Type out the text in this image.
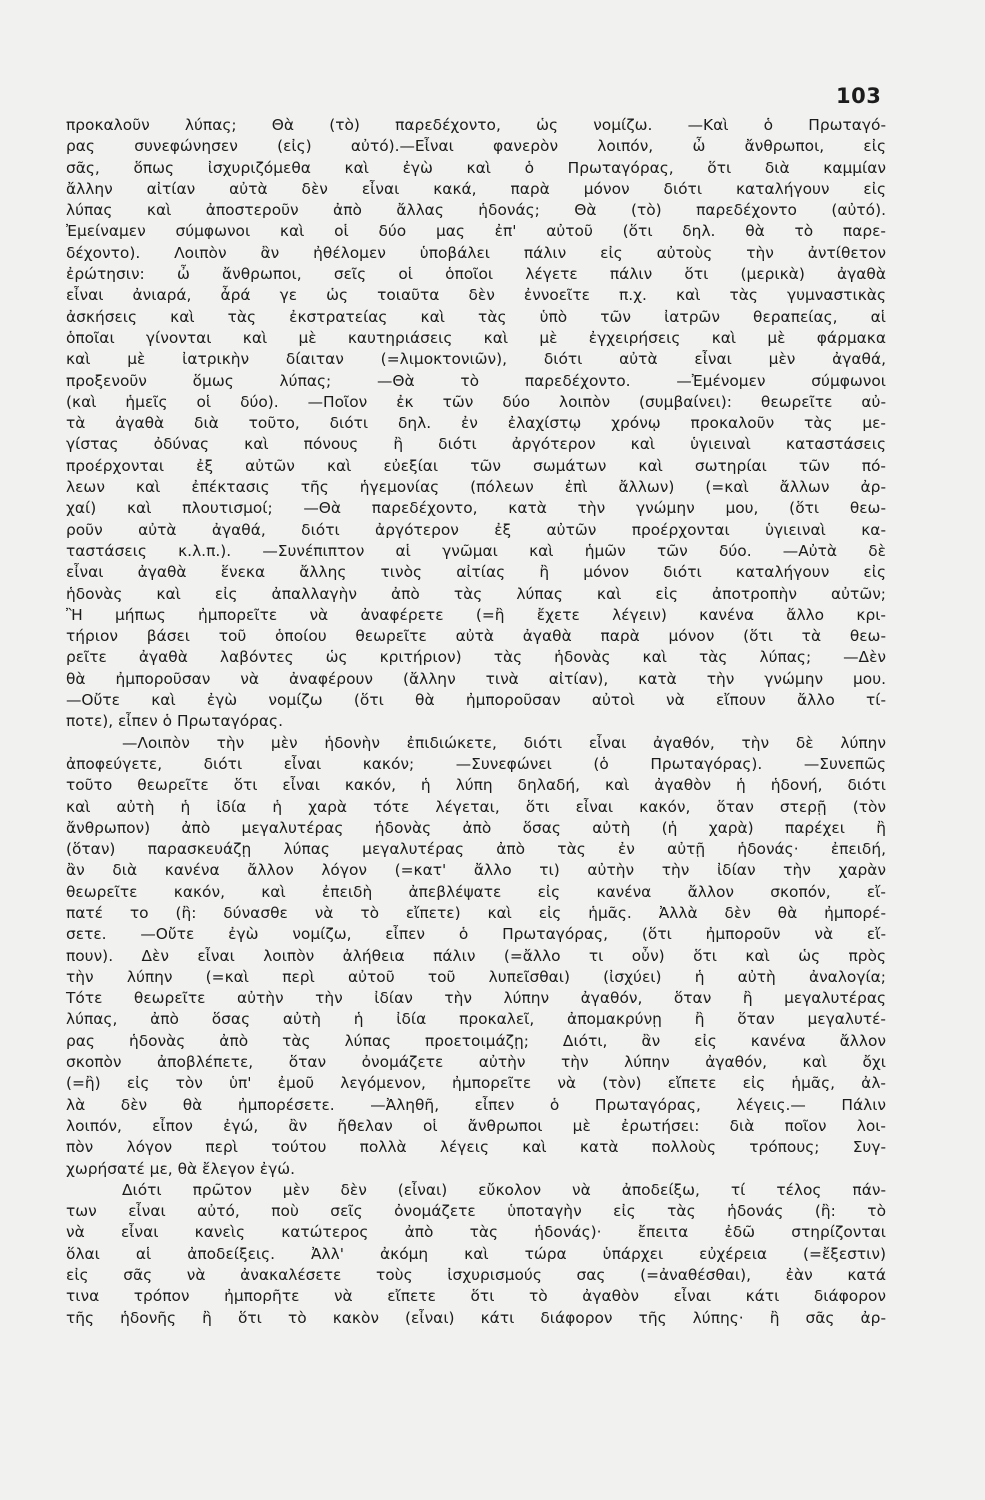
103
προκαλοῦν λύπας; Θὰ (τὸ) παρεδέχοντο, ὡς νομίζω. —Καὶ ὁ Πρωταγό-
ρας συνεφώνησεν (εἰς) αὐτό).—Εἶναι φανερὸν λοιπόν, ὦ ἄνθρωποι, εἰς
σᾶς, ὅπως ἰσχυριζόμεθα καὶ ἐγὼ καὶ ὁ Πρωταγόρας, ὅτι διὰ καμμίαν
ἄλλην αἰτίαν αὐτὰ δὲν εἶναι κακά, παρὰ μόνον διότι καταλήγουν εἰς
λύπας καὶ ἀποστεροῦν ἀπὸ ἄλλας ἡδονάς; Θὰ (τὸ) παρεδέχοντο (αὐτό).
Ἐμείναμεν σύμφωνοι καὶ οἱ δύο μας ἐπ' αὐτοῦ (ὅτι δηλ. θὰ τὸ παρε-
δέχοντο). Λοιπὸν ἂν ἠθέλομεν ὑποβάλει πάλιν εἰς αὐτοὺς τὴν ἀντίθετον
ἐρώτησιν: ὦ ἄνθρωποι, σεῖς οἱ ὁποῖοι λέγετε πάλιν ὅτι (μερικὰ) ἀγαθὰ
εἶναι ἀνιαρά, ἆρά γε ὡς τοιαῦτα δὲν ἐννοεῖτε π.χ. καὶ τὰς γυμναστικὰς
ἀσκήσεις καὶ τὰς ἐκστρατείας καὶ τὰς ὑπὸ τῶν ἰατρῶν θεραπείας, αἱ
ὁποῖαι γίνονται καὶ μὲ καυτηριάσεις καὶ μὲ ἐγχειρήσεις καὶ μὲ φάρμακα
καὶ μὲ ἰατρικὴν δίαιταν (=λιμοκτονιῶν), διότι αὐτὰ εἶναι μὲν ἀγαθά,
προξενοῦν ὅμως λύπας; —Θὰ τὸ παρεδέχοντο. —Ἐμένομεν σύμφωνοι
(καὶ ἡμεῖς οἱ δύο). —Ποῖον ἐκ τῶν δύο λοιπὸν (συμβαίνει): θεωρεῖτε αὐ-
τὰ ἀγαθὰ διὰ τοῦτο, διότι δηλ. ἐν ἐλαχίστῳ χρόνῳ προκαλοῦν τὰς με-
γίστας ὀδύνας καὶ πόνους ἢ διότι ἀργότερον καὶ ὑγιειναὶ καταστάσεις
προέρχονται ἐξ αὐτῶν καὶ εὐεξίαι τῶν σωμάτων καὶ σωτηρίαι τῶν πό-
λεων καὶ ἐπέκτασις τῆς ἡγεμονίας (πόλεων ἐπὶ ἄλλων) (=καὶ ἄλλων ἀρ-
χαί) καὶ πλουτισμοί; —Θὰ παρεδέχοντο, κατὰ τὴν γνώμην μου, (ὅτι θεω-
ροῦν αὐτὰ ἀγαθά, διότι ἀργότερον ἐξ αὐτῶν προέρχονται ὑγιειναὶ κα-
ταστάσεις κ.λ.π.). —Συνέπιπτον αἱ γνῶμαι καὶ ἡμῶν τῶν δύο. —Αὐτὰ δὲ
εἶναι ἀγαθὰ ἕνεκα ἄλλης τινὸς αἰτίας ἢ μόνον διότι καταλήγουν εἰς
ἡδονὰς καὶ εἰς ἀπαλλαγὴν ἀπὸ τὰς λύπας καὶ εἰς ἀποτροπὴν αὐτῶν;
Ἢ μήπως ἠμπορεῖτε νὰ ἀναφέρετε (=ἢ ἔχετε λέγειν) κανένα ἄλλο κρι-
τήριον βάσει τοῦ ὁποίου θεωρεῖτε αὐτὰ ἀγαθὰ παρὰ μόνον (ὅτι τὰ θεω-
ρεῖτε ἀγαθὰ λαβόντες ὡς κριτήριον) τὰς ἡδονὰς καὶ τὰς λύπας; —Δὲν
θὰ ἠμποροῦσαν νὰ ἀναφέρουν (ἄλλην τινὰ αἰτίαν), κατὰ τὴν γνώμην μου.
—Οὔτε καὶ ἐγὼ νομίζω (ὅτι θὰ ἠμποροῦσαν αὐτοὶ νὰ εἴπουν ἄλλο τί-
ποτε), εἶπεν ὁ Πρωταγόρας.
—Λοιπὸν τὴν μὲν ἡδονὴν ἐπιδιώκετε, διότι εἶναι ἀγαθόν, τὴν δὲ λύπην
ἀποφεύγετε, διότι εἶναι κακόν; —Συνεφώνει (ὁ Πρωταγόρας). —Συνεπῶς
τοῦτο θεωρεῖτε ὅτι εἶναι κακόν, ἡ λύπη δηλαδή, καὶ ἀγαθὸν ἡ ἡδονή, διότι
καὶ αὐτὴ ἡ ἰδία ἡ χαρὰ τότε λέγεται, ὅτι εἶναι κακόν, ὅταν στερῇ (τὸν
ἄνθρωπον) ἀπὸ μεγαλυτέρας ἡδονὰς ἀπὸ ὅσας αὐτὴ (ἡ χαρὰ) παρέχει ἢ
(ὅταν) παρασκευάζῃ λύπας μεγαλυτέρας ἀπὸ τὰς ἐν αὐτῇ ἡδονάς· ἐπειδή,
ἂν διὰ κανένα ἄλλον λόγον (=κατ' ἄλλο τι) αὐτὴν τὴν ἰδίαν τὴν χαρὰν
θεωρεῖτε κακόν, καὶ ἐπειδὴ ἀπεβλέψατε εἰς κανένα ἄλλον σκοπόν, εἴ-
πατέ το (ἢ: δύνασθε νὰ τὸ εἴπετε) καὶ εἰς ἡμᾶς. Ἀλλὰ δὲν θὰ ἠμπορέ-
σετε. —Οὔτε ἐγὼ νομίζω, εἶπεν ὁ Πρωταγόρας, (ὅτι ἠμποροῦν νὰ εἴ-
πουν). Δὲν εἶναι λοιπὸν ἀλήθεια πάλιν (=ἄλλο τι οὖν) ὅτι καὶ ὡς πρὸς
τὴν λύπην (=καὶ περὶ αὐτοῦ τοῦ λυπεῖσθαι) (ἰσχύει) ἡ αὐτὴ ἀναλογία;
Τότε θεωρεῖτε αὐτὴν τὴν ἰδίαν τὴν λύπην ἀγαθόν, ὅταν ἢ μεγαλυτέρας
λύπας, ἀπὸ ὅσας αὐτὴ ἡ ἰδία προκαλεῖ, ἀπομακρύνῃ ἢ ὅταν μεγαλυτέ-
ρας ἡδονὰς ἀπὸ τὰς λύπας προετοιμάζῃ; Διότι, ἂν εἰς κανένα ἄλλον
σκοπὸν ἀποβλέπετε, ὅταν ὀνομάζετε αὐτὴν τὴν λύπην ἀγαθόν, καὶ ὄχι
(=ἢ) εἰς τὸν ὑπ' ἐμοῦ λεγόμενον, ἠμπορεῖτε νὰ (τὸν) εἴπετε εἰς ἡμᾶς, ἀλ-
λὰ δὲν θὰ ἠμπορέσετε. —Ἀληθῆ, εἶπεν ὁ Πρωταγόρας, λέγεις.— Πάλιν
λοιπόν, εἶπον ἐγώ, ἂν ἤθελαν οἱ ἄνθρωποι μὲ ἐρωτήσει: διὰ ποῖον λοι-
πὸν λόγον περὶ τούτου πολλὰ λέγεις καὶ κατὰ πολλοὺς τρόπους; Συγ-
χωρήσατέ με, θὰ ἔλεγον ἐγώ.
Διότι πρῶτον μὲν δὲν (εἶναι) εὔκολον νὰ ἀποδείξω, τί τέλος πάν-
των εἶναι αὐτό, ποὺ σεῖς ὀνομάζετε ὑποταγὴν εἰς τὰς ἡδονάς (ἢ: τὸ
νὰ εἶναι κανεὶς κατώτερος ἀπὸ τὰς ἡδονάς)· ἔπειτα ἐδῶ στηρίζονται
ὅλαι αἱ ἀποδείξεις. Ἀλλ' ἀκόμη καὶ τώρα ὑπάρχει εὐχέρεια (=ἔξεστιν)
εἰς σᾶς νὰ ἀνακαλέσετε τοὺς ἰσχυρισμούς σας (=ἀναθέσθαι), ἐὰν κατά
τινα τρόπον ἠμπορῆτε νὰ εἴπετε ὅτι τὸ ἀγαθὸν εἶναι κάτι διάφορον
τῆς ἡδονῆς ἢ ὅτι τὸ κακὸν (εἶναι) κάτι διάφορον τῆς λύπης· ἢ σᾶς ἀρ-
